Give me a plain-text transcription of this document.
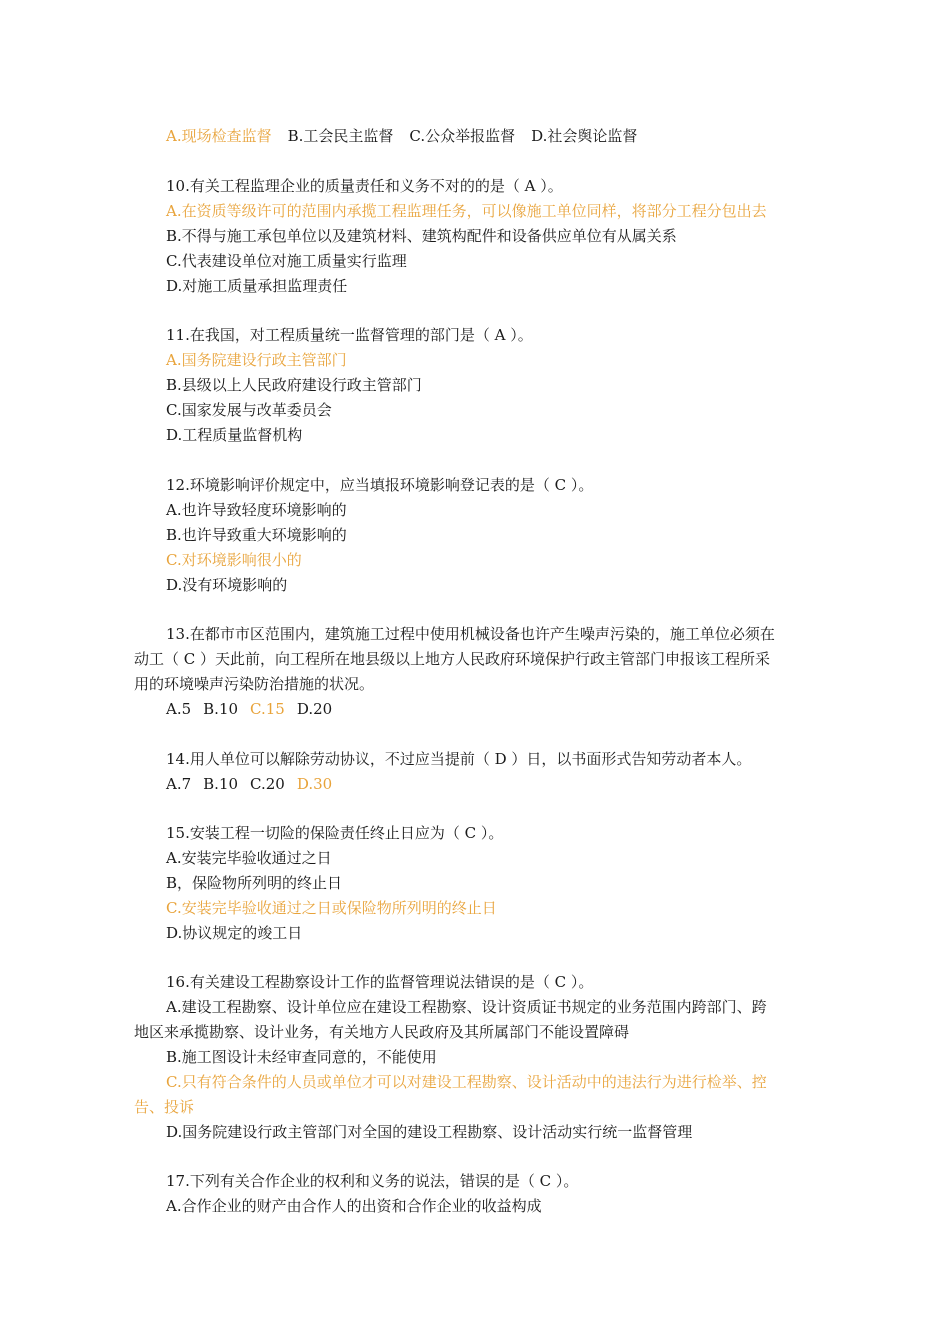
A.现场检查监督 B.工会民主监督 C.公众举报监督 D.社会舆论监督
10.有关工程监理企业的质量责任和义务不对的的是（ A ）。
A.在资质等级许可的范围内承揽工程监理任务，可以像施工单位同样，将部分工程分包出去
B.不得与施工承包单位以及建筑材料、建筑构配件和设备供应单位有从属关系
C.代表建设单位对施工质量实行监理
D.对施工质量承担监理责任
11.在我国，对工程质量统一监督管理的部门是（ A ）。
A.国务院建设行政主管部门
B.县级以上人民政府建设行政主管部门
C.国家发展与改革委员会
D.工程质量监督机构
12.环境影响评价规定中，应当填报环境影响登记表的是（ C ）。
A.也许导致轻度环境影响的
B.也许导致重大环境影响的
C.对环境影响很小的
D.没有环境影响的
13.在都市市区范围内，建筑施工过程中使用机械设备也许产生噪声污染的，施工单位必须在
动工（ C ）天此前，向工程所在地县级以上地方人民政府环境保护行政主管部门申报该工程所采
用的环境噪声污染防治措施的状况。
A.5 B.10 C.15 D.20
14.用人单位可以解除劳动协议，不过应当提前（ D ）日，以书面形式告知劳动者本人。
A.7 B.10 C.20 D.30
15.安装工程一切险的保险责任终止日应为（ C ）。
A.安装完毕验收通过之日
B，保险物所列明的终止日
C.安装完毕验收通过之日或保险物所列明的终止日
D.协议规定的竣工日
16.有关建设工程勘察设计工作的监督管理说法错误的是（ C ）。
A.建设工程勘察、设计单位应在建设工程勘察、设计资质证书规定的业务范围内跨部门、跨
地区来承揽勘察、设计业务，有关地方人民政府及其所属部门不能设置障碍
B.施工图设计未经审查同意的，不能使用
C.只有符合条件的人员或单位才可以对建设工程勘察、设计活动中的违法行为进行检举、控
告、投诉
D.国务院建设行政主管部门对全国的建设工程勘察、设计活动实行统一监督管理
17.下列有关合作企业的权利和义务的说法，错误的是（ C ）。
A.合作企业的财产由合作人的出资和合作企业的收益构成
